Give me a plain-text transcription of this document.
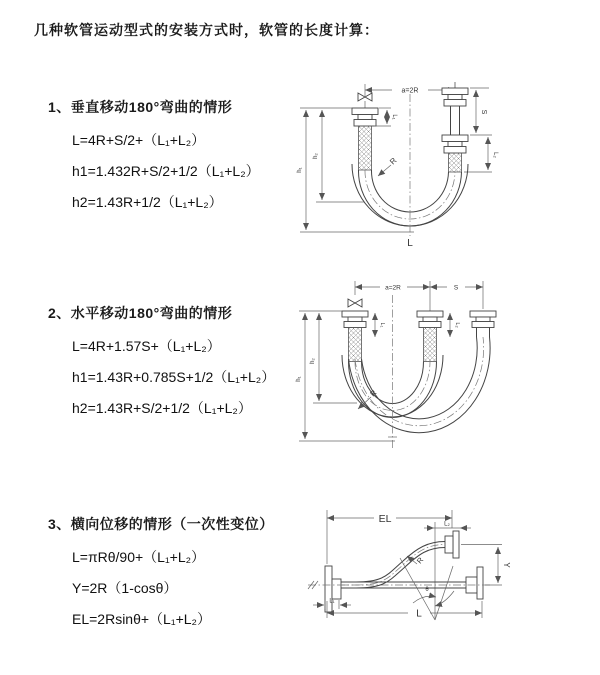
几种软管运动型式的安装方式时，软管的长度计算：
1、垂直移动180°弯曲的情形
L=4R+S/2+（L₁+L₂）
h1=1.432R+S/2+1/2（L₁+L₂）
h2=1.43R+1/2（L₁+L₂）
2、水平移动180°弯曲的情形
L=4R+1.57S+（L₁+L₂）
h1=1.43R+0.785S+1/2（L₁+L₂）
h2=1.43R+S/2+1/2（L₁+L₂）
3、横向位移的情形（一次性变位）
L=πRθ/90+（L₁+L₂）
Y=2R（1-cosθ）
EL=2Rsinθ+（L₁+L₂）
a=2R
L₁
S
L₂
h₁
h₂
R
L
a=2R	S
L₁	L₂
h₁
h₂
R
EL	L₂
R
θ
Y
L₁
L
